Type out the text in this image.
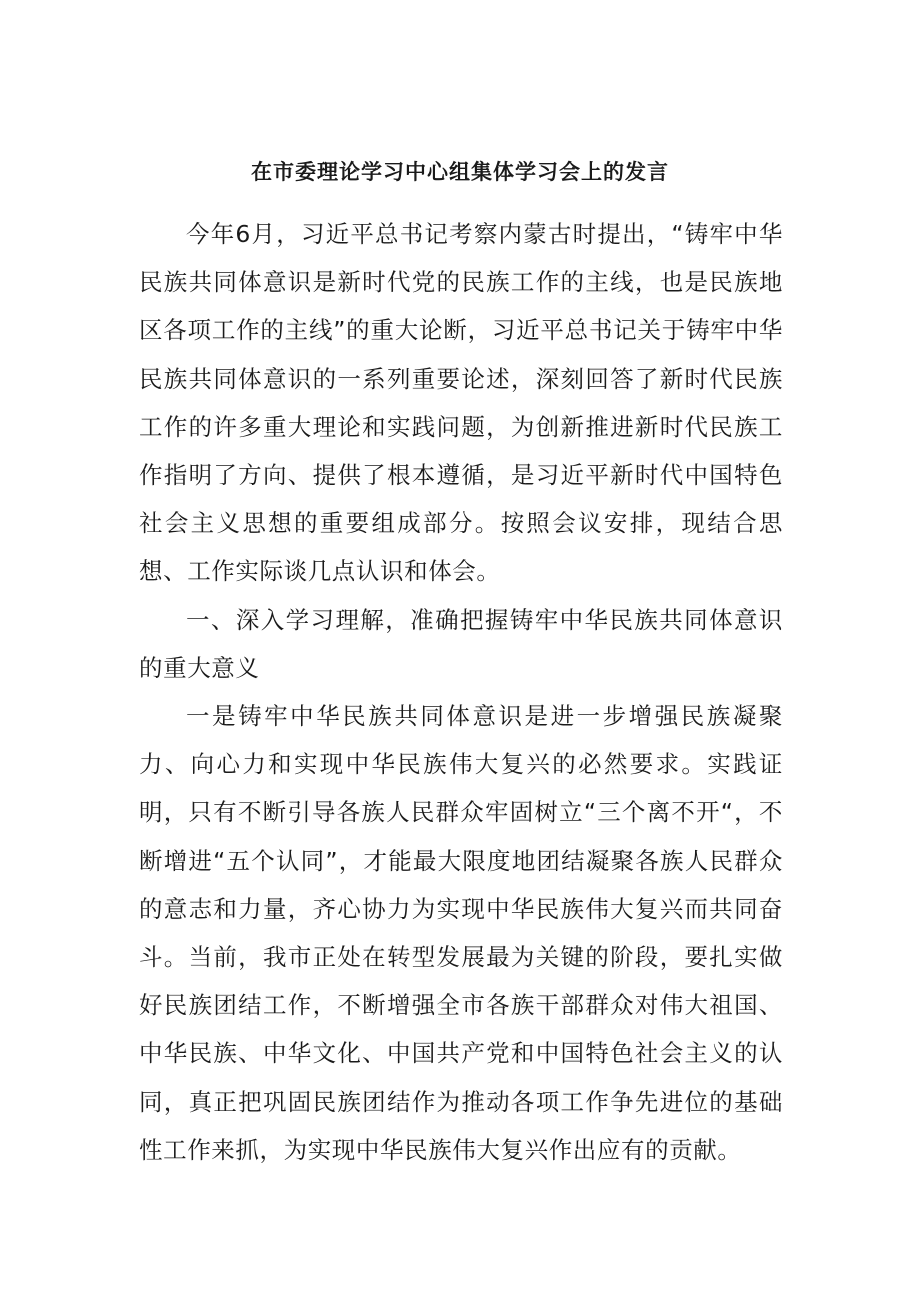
在市委理论学习中心组集体学习会上的发言

今年6月，习近平总书记考察内蒙古时提出，“铸牢中华民族共同体意识是新时代党的民族工作的主线，也是民族地区各项工作的主线”的重大论断，习近平总书记关于铸牢中华民族共同体意识的一系列重要论述，深刻回答了新时代民族工作的许多重大理论和实践问题，为创新推进新时代民族工作指明了方向、提供了根本遵循，是习近平新时代中国特色社会主义思想的重要组成部分。按照会议安排，现结合思想、工作实际谈几点认识和体会。

一、深入学习理解，准确把握铸牢中华民族共同体意识的重大意义

一是铸牢中华民族共同体意识是进一步增强民族凝聚力、向心力和实现中华民族伟大复兴的必然要求。实践证明，只有不断引导各族人民群众牢固树立“三个离不开“，不断增进“五个认同”，才能最大限度地团结凝聚各族人民群众的意志和力量，齐心协力为实现中华民族伟大复兴而共同奋斗。当前，我市正处在转型发展最为关键的阶段，要扎实做好民族团结工作，不断增强全市各族干部群众对伟大祖国、中华民族、中华文化、中国共产党和中国特色社会主义的认同，真正把巩固民族团结作为推动各项工作争先进位的基础性工作来抓，为实现中华民族伟大复兴作出应有的贡献。
